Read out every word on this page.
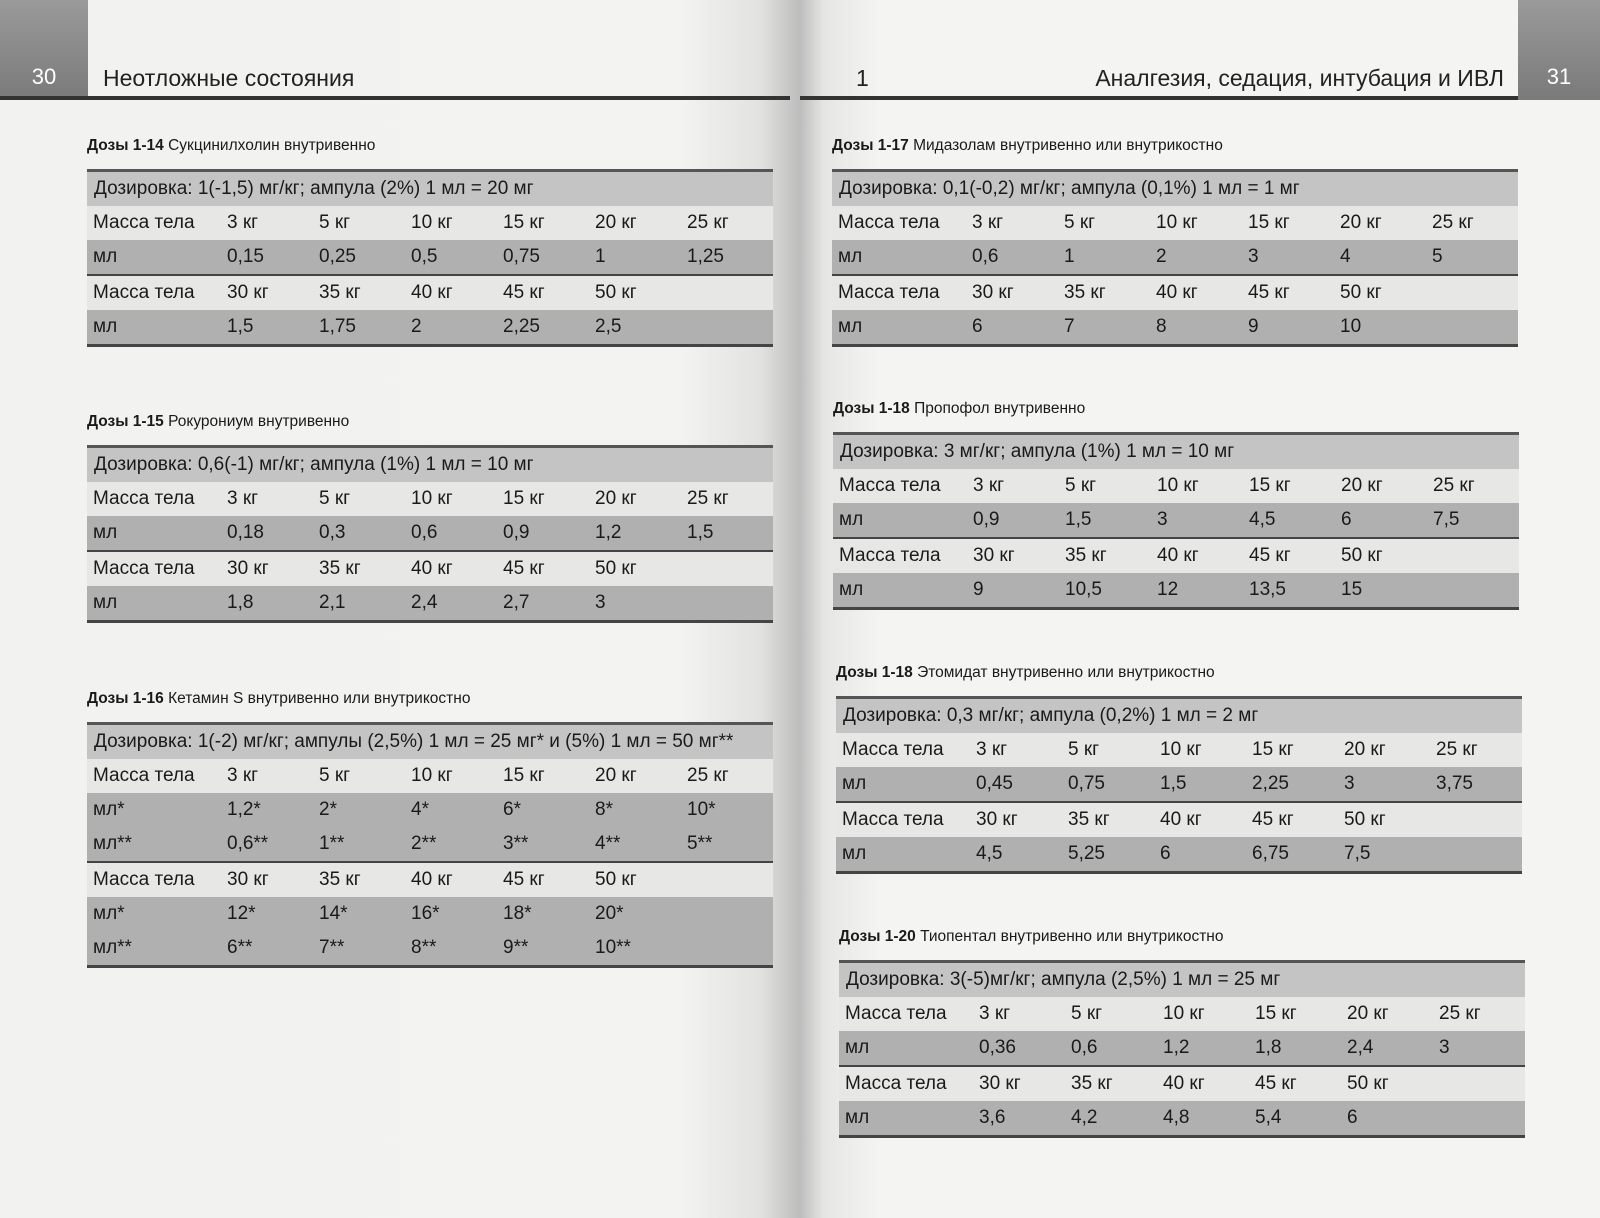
30	Неотложные состояния
Дозы 1-14 Сукцинилхолин внутривенно
Дозировка: 1(-1,5) мг/кг; ампула (2%) 1 мл = 20 мг						
Масса тела	3 кг	5 кг	10 кг	15 кг	20 кг	25 кг
мл	0,15	0,25	0,5	0,75	1	1,25
Масса тела	30 кг	35 кг	40 кг	45 кг	50 кг	
мл	1,5	1,75	2	2,25	2,5	
Дозы 1-15 Рокурониум внутривенно
Дозировка: 0,6(-1) мг/кг; ампула (1%) 1 мл = 10 мг						
Масса тела	3 кг	5 кг	10 кг	15 кг	20 кг	25 кг
мл	0,18	0,3	0,6	0,9	1,2	1,5
Масса тела	30 кг	35 кг	40 кг	45 кг	50 кг	
мл	1,8	2,1	2,4	2,7	3	
Дозы 1-16 Кетамин S внутривенно или внутрикостно
Дозировка: 1(-2) мг/кг; ампулы (2,5%) 1 мл = 25 мг* и (5%) 1 мл = 50 мг**						
Масса тела	3 кг	5 кг	10 кг	15 кг	20 кг	25 кг
мл*	1,2*	2*	4*	6*	8*	10*
мл**	0,6**	1**	2**	3**	4**	5**
Масса тела	30 кг	35 кг	40 кг	45 кг	50 кг	
мл*	12*	14*	16*	18*	20*	
мл**	6**	7**	8**	9**	10**	
1	Аналгезия, седация, интубация и ИВЛ	31
Дозы 1-17 Мидазолам внутривенно или внутрикостно
Дозировка: 0,1(-0,2) мг/кг; ампула (0,1%) 1 мл = 1 мг						
Масса тела	3 кг	5 кг	10 кг	15 кг	20 кг	25 кг
мл	0,6	1	2	3	4	5
Масса тела	30 кг	35 кг	40 кг	45 кг	50 кг	
мл	6	7	8	9	10	
Дозы 1-18 Пропофол внутривенно
Дозировка: 3 мг/кг; ампула (1%) 1 мл = 10 мг						
Масса тела	3 кг	5 кг	10 кг	15 кг	20 кг	25 кг
мл	0,9	1,5	3	4,5	6	7,5
Масса тела	30 кг	35 кг	40 кг	45 кг	50 кг	
мл	9	10,5	12	13,5	15	
Дозы 1-18 Этомидат внутривенно или внутрикостно
Дозировка: 0,3 мг/кг; ампула (0,2%) 1 мл = 2 мг						
Масса тела	3 кг	5 кг	10 кг	15 кг	20 кг	25 кг
мл	0,45	0,75	1,5	2,25	3	3,75
Масса тела	30 кг	35 кг	40 кг	45 кг	50 кг	
мл	4,5	5,25	6	6,75	7,5	
Дозы 1-20 Тиопентал внутривенно или внутрикостно
Дозировка: 3(-5)мг/кг; ампула (2,5%) 1 мл = 25 мг						
Масса тела	3 кг	5 кг	10 кг	15 кг	20 кг	25 кг
мл	0,36	0,6	1,2	1,8	2,4	3
Масса тела	30 кг	35 кг	40 кг	45 кг	50 кг	
мл	3,6	4,2	4,8	5,4	6	
